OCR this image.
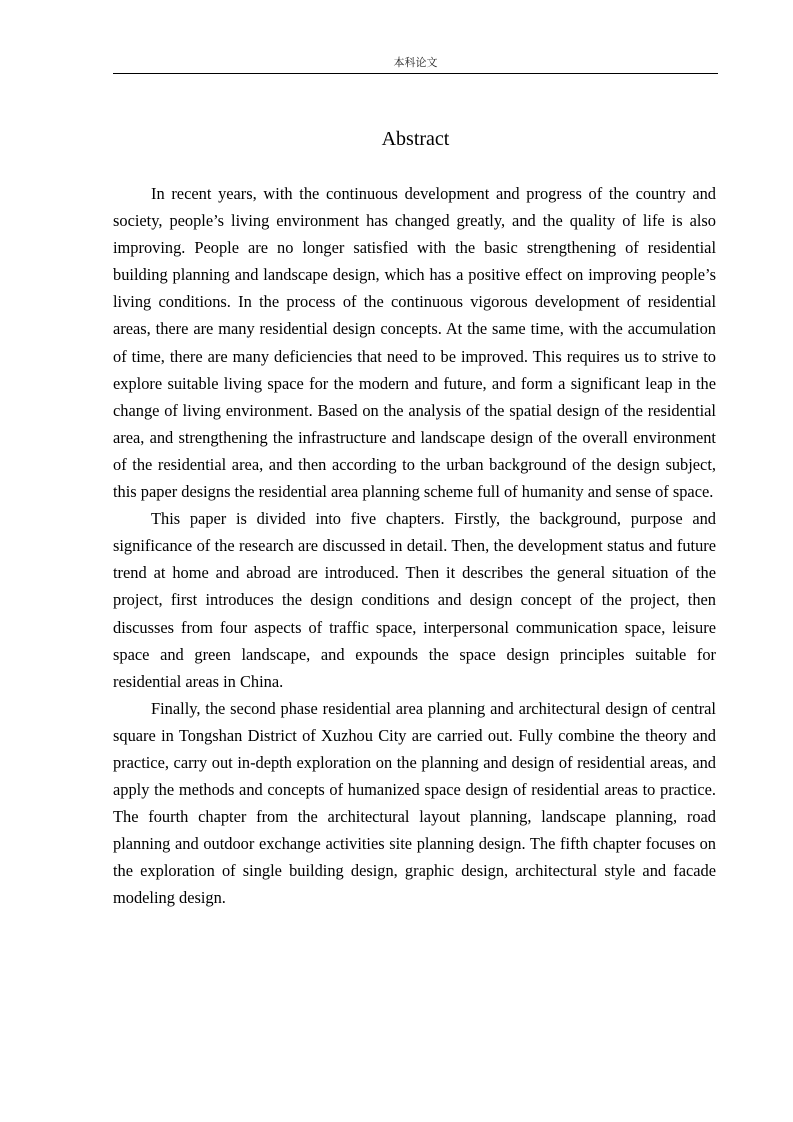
本科论文
Abstract

In recent years, with the continuous development and progress of the country and society, people’s living environment has changed greatly, and the quality of life is also improving. People are no longer satisfied with the basic strengthening of residential building planning and landscape design, which has a positive effect on improving people’s living conditions. In the process of the continuous vigorous development of residential areas, there are many residential design concepts. At the same time, with the accumulation of time, there are many deficiencies that need to be improved. This requires us to strive to explore suitable living space for the modern and future, and form a significant leap in the change of living environment. Based on the analysis of the spatial design of the residential area, and strengthening the infrastructure and landscape design of the overall environment of the residential area, and then according to the urban background of the design subject, this paper designs the residential area planning scheme full of humanity and sense of space.

This paper is divided into five chapters. Firstly, the background, purpose and significance of the research are discussed in detail. Then, the development status and future trend at home and abroad are introduced. Then it describes the general situation of the project, first introduces the design conditions and design concept of the project, then discusses from four aspects of traffic space, interpersonal communication space, leisure space and green landscape, and expounds the space design principles suitable for residential areas in China.

Finally, the second phase residential area planning and architectural design of central square in Tongshan District of Xuzhou City are carried out. Fully combine the theory and practice, carry out in-depth exploration on the planning and design of residential areas, and apply the methods and concepts of humanized space design of residential areas to practice. The fourth chapter from the architectural layout planning, landscape planning, road planning and outdoor exchange activities site planning design. The fifth chapter focuses on the exploration of single building design, graphic design, architectural style and facade modeling design.
